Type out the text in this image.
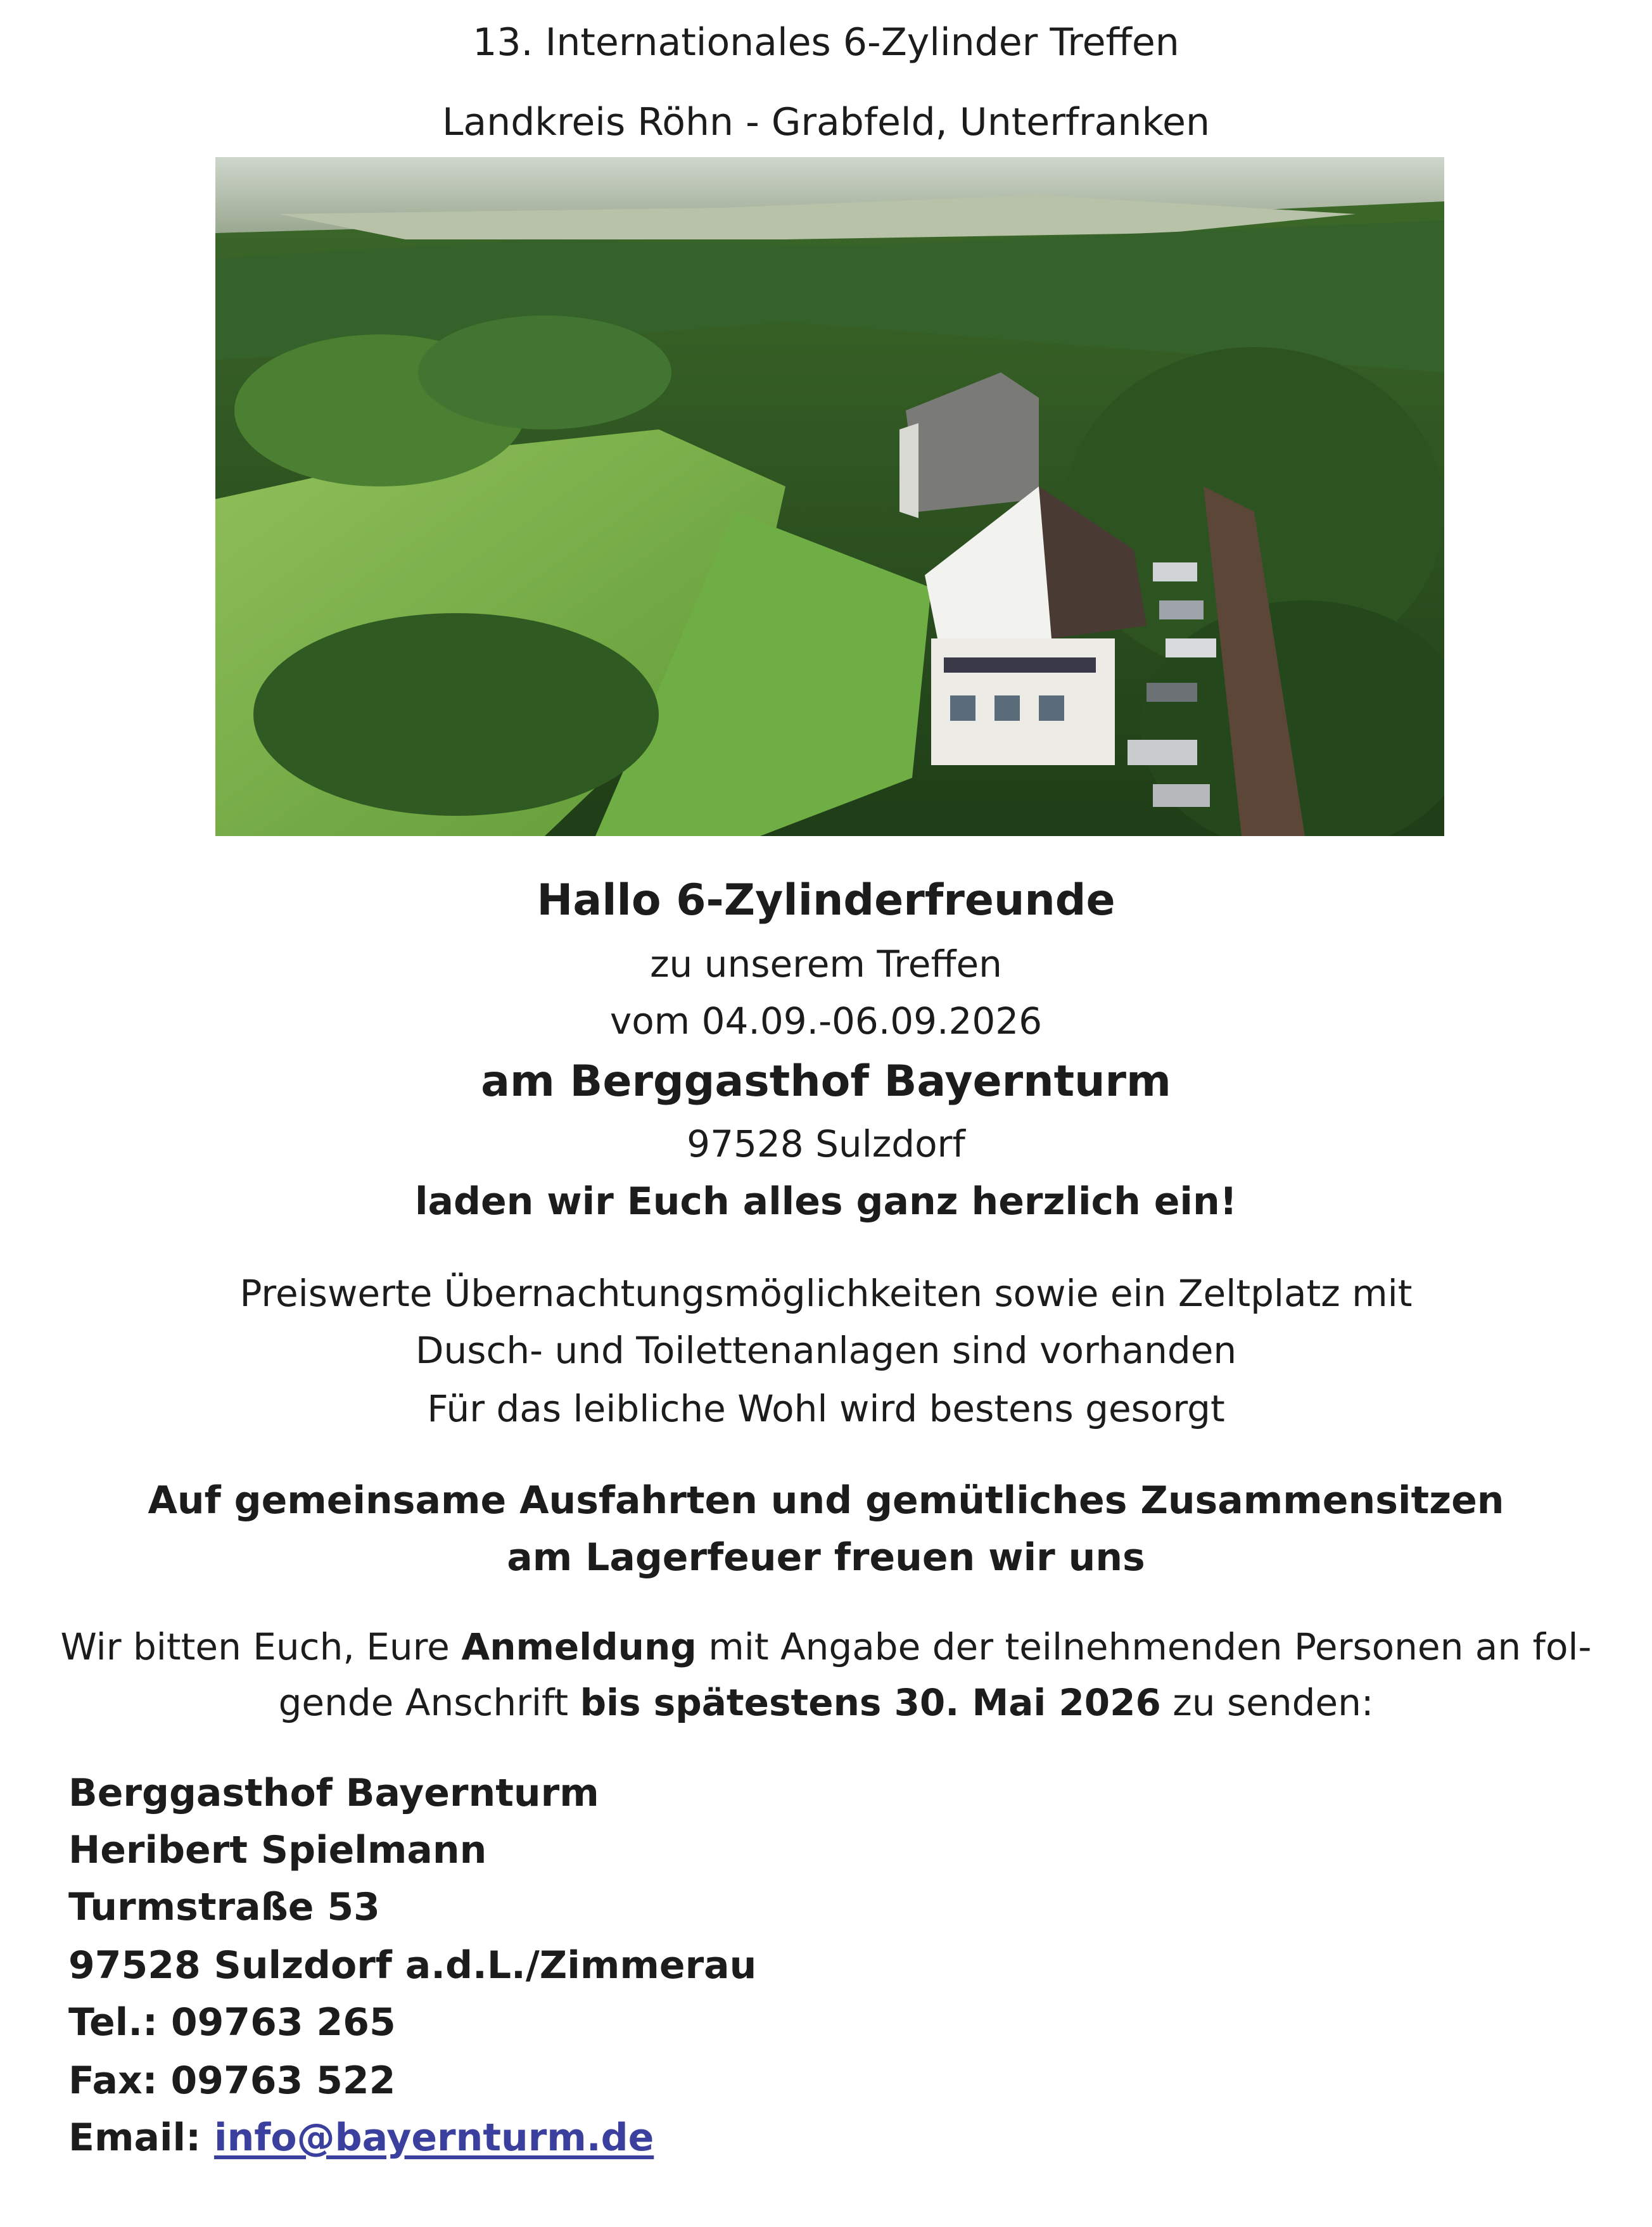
13. Internationales 6-Zylinder Treffen
Landkreis Röhn - Grabfeld, Unterfranken
Hallo 6-Zylinderfreunde
zu unserem Treffen
vom 04.09.-06.09.2026
am Berggasthof Bayernturm
97528 Sulzdorf
laden wir Euch alles ganz herzlich ein!
Preiswerte Übernachtungsmöglichkeiten sowie ein Zeltplatz mit
Dusch- und Toilettenanlagen sind vorhanden
Für das leibliche Wohl wird bestens gesorgt
Auf gemeinsame Ausfahrten und gemütliches Zusammensitzen
am Lagerfeuer freuen wir uns
Wir bitten Euch, Eure Anmeldung mit Angabe der teilnehmenden Personen an fol-
gende Anschrift bis spätestens 30. Mai 2026 zu senden:
Berggasthof Bayernturm
Heribert Spielmann
Turmstraße 53
97528 Sulzdorf a.d.L./Zimmerau
Tel.: 09763 265
Fax: 09763 522
Email: info@bayernturm.de
